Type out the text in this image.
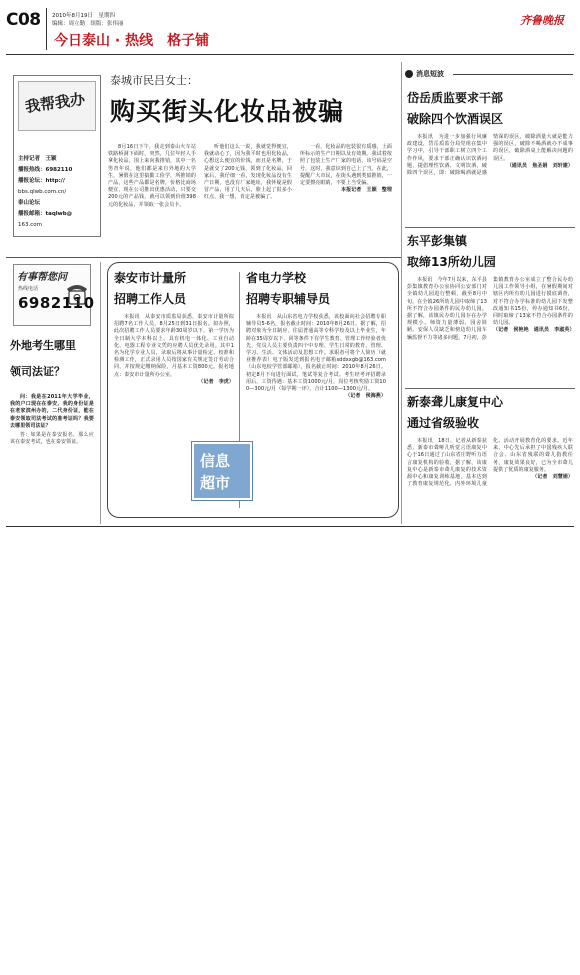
C08 2010年8月19日　星期四
编辑：周立勤　组版：张伟丽
今日泰山 · 热线　格子铺
齐鲁晚报
我帮我办
主持记者　王颖
播报热线：6982110
播报论坛：http://
bbs.qlwb.com.cn/
泰山论坛
播报邮箱：taqlwb@
163.com
泰城市民吕女士：
购买街头化妆品被骗

8月16日下午，我走到泰山火车站铁路桥洞下面时，突然，几位年轻人手拿化妆品，围上来向我推销，其中一名男青年说，他们都是来自外地的大学生，暑假在这里搞勤工俭学，所推销的产品，这些产品都是名牌，价格比商场便宜，现在公司推出优惠活动，只要交200元的产品钱，就可以领到价值398元的化妆品，并领取一张会员卡。

听他们这么一说，我就觉得便宜，我就动心了，因为我平时也用化妆品，心想这么便宜的价钱，而且是名牌，于是就交了200元钱，领到了化妆品。回家后，我仔细一看，发现化妆品没有生产日期，也没有厂家地址，我怀疑是假冒产品，用了几天后，脸上起了很多小红点，我一想，肯定是被骗了。

一看，化妆品的包装很有质感，上面所标示的生产日期以及有效期。我试着按照了包装上生产厂家的电话，该号码是空号，这时，我意识到自己上了当。在此，提醒广大市民，在街头遇到类似推销，一定要擦亮眼睛，不要上当受骗。

本报记者　王颖　整理
有事帮您问
热线电话
6982110
外地考生哪里
领司法证？

问：我是在2011年大学毕业，我的户口现在在泰安，我的身份证是在老家滨州办的，二代身份证，能在泰安领取司法考试的准考证吗？我要去哪里领司法证？

答：如果是在泰安报名，那么应该在泰安考试，也在泰安领证。

泰安市计量所
招聘工作人员

本报讯　从泰安市质监局获悉，泰安市计量所拟招聘7名工作人员，8月25日到31日报名。拟办照，此次招聘工作人员要求年龄30周岁以下，第一学历为全日制大学本科以上，具有机电一体化、工业自动化、电器工程专业文凭的应聘人员优先录用。其中1名为化学专业人员，录取后将从事计量检定、校准和检测工作，正式录用人员按国家有关规定签订劳动合同，并按规定缴纳保险，月基本工资800元。报名地点：泰安市计量所办公室。

（记者　李虎）
省电力学校
招聘专职辅导员

本报讯　从山东省电力学校获悉，该校面向社会招聘专职辅导员5-6名，报名截止时间：2010年8月26日。据了解，招聘对象为全日制应、往届普通高等专科学校及以上毕业生，年龄在35周岁以下，同等条件下有学生教育、管理工作经验者优先，党员人员主要负责四个中专理、学生日常的教育、管理、学习、生活、文体活动及思想工作。求职者可将个人简历（就业推荐表）电子版发送到报名电子邮箱sddxxgb@163.com（山东电校学管部邮箱），报名截止时间：2010年8月26日。初定8月下旬进行面试，笔试等复合考试。考生经考评招聘录用后，工资待遇：基本工资1000元/月，岗位考核奖励工资100—300元/月（每学期一评），合计1100—1300元/月。

（记者　侯海燕）
信息
超市
消息短波
岱岳质监要求干部
破除四个饮酒误区

本报讯　为进一步加强行风廉政建设，岱岳质监分局党组在集中学习中，引导干部职工树立四个工作作风，要求干部正确认识饮酒问题，提倡理性饮酒、文明饮酒，破除四个误区，即：破除喝酒就是感情深的误区，破除酒量大就是能力强的误区，破除不喝酒就办不成事的误区，破除酒桌上能解决问题的误区。

（通讯员　焦圣娟　刘轩建）
东平彭集镇
取缔13所幼儿园

本报讯　今年7月以来，东平县彭集镇教育办公室协同公安部门对全镇幼儿园进行整顿，截至8月中旬，在全镇26所幼儿园中取缔了13所不符合办园条件的民办幼儿园。据了解，该镇民办幼儿园存在办学规模小、师资力量薄弱、园舍简陋、安保人员缺乏和傍边幼儿园车辆监督不力等诸多问题。7月初，彭集镇教育办公室成立了整合民办幼儿园工作领导小组，在暑假期间对辖区内所有幼儿园进行摸底调查，对不符合办学标准的幼儿园下发整改通知书15份，停办通知书6份，同时取缔了13家不符合办园条件的幼儿园。

（记者　侯艳艳　通讯员　李淑英）
新泰聋儿康复中心
通过省级验收

本报讯　18日，记者从新泰获悉，新泰市聋哑儿听觉言语康复中心于16日通过了山东省庄野听力语言康复机构的验收，据了解，该康复中心是新泰市聋儿康复的技术资源中心和康复训练基地，基本达到了教育康复规范化、内外环境儿童化、活动开展教育化的要求。近年来，中心先后承担了中国残疾人联合会、山东省残联的聋儿指教任务，康复效果良好，已为全市聋儿提供了优质的康复服务。

（记者　刘慧娟）
